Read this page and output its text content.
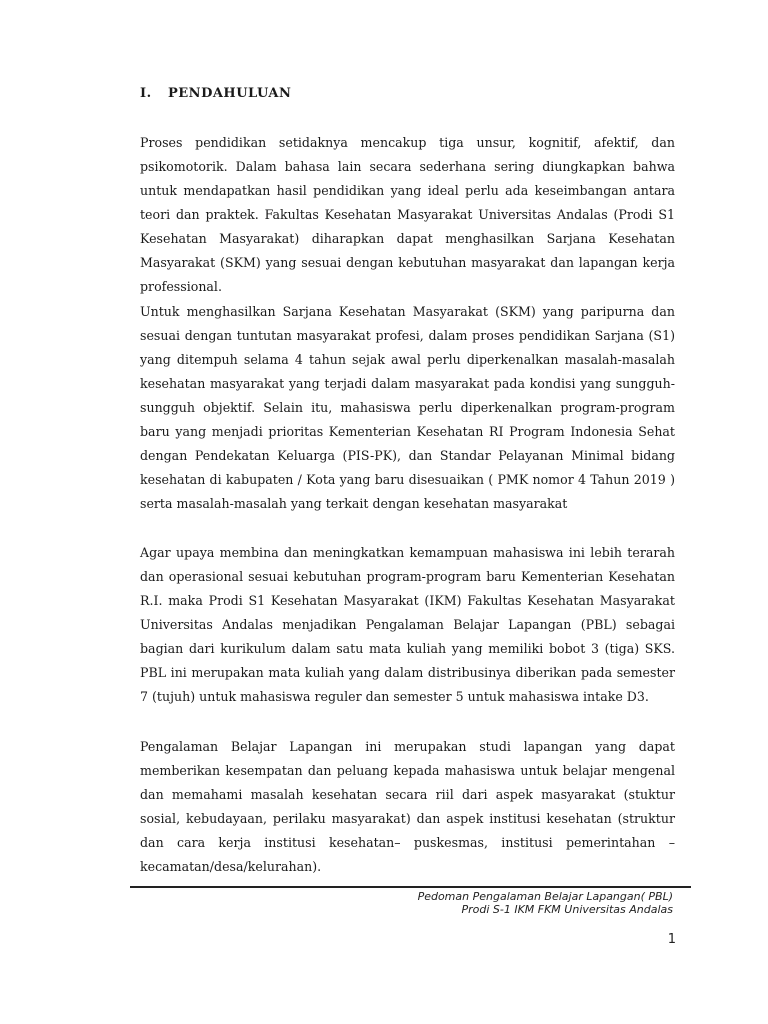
I. PENDAHULUAN
Proses pendidikan setidaknya mencakup tiga unsur, kognitif, afektif, dan psikomotorik. Dalam bahasa lain secara sederhana sering diungkapkan bahwa untuk mendapatkan hasil pendidikan yang ideal perlu ada keseimbangan antara teori dan praktek. Fakultas Kesehatan Masyarakat Universitas Andalas (Prodi S1 Kesehatan Masyarakat) diharapkan dapat menghasilkan Sarjana Kesehatan Masyarakat (SKM) yang sesuai dengan kebutuhan masyarakat dan lapangan kerja professional.
Untuk menghasilkan Sarjana Kesehatan Masyarakat (SKM) yang paripurna dan sesuai dengan tuntutan masyarakat profesi, dalam proses pendidikan Sarjana (S1) yang ditempuh selama 4 tahun sejak awal perlu diperkenalkan masalah-masalah kesehatan masyarakat yang terjadi dalam masyarakat pada kondisi yang sungguh-sungguh objektif. Selain itu, mahasiswa perlu diperkenalkan program-program baru yang menjadi prioritas Kementerian Kesehatan RI Program Indonesia Sehat dengan Pendekatan Keluarga (PIS-PK), dan Standar Pelayanan Minimal bidang kesehatan di kabupaten / Kota yang baru disesuaikan ( PMK nomor 4 Tahun 2019 ) serta masalah-masalah yang terkait dengan kesehatan masyarakat
Agar upaya membina dan meningkatkan kemampuan mahasiswa ini lebih terarah dan operasional sesuai kebutuhan program-program baru Kementerian Kesehatan R.I. maka Prodi S1 Kesehatan Masyarakat (IKM) Fakultas Kesehatan Masyarakat Universitas Andalas menjadikan Pengalaman Belajar Lapangan (PBL) sebagai bagian dari kurikulum dalam satu mata kuliah yang memiliki bobot 3 (tiga) SKS. PBL ini merupakan mata kuliah yang dalam distribusinya diberikan pada semester 7 (tujuh) untuk mahasiswa reguler dan semester 5 untuk mahasiswa intake D3.
Pengalaman Belajar Lapangan ini merupakan studi lapangan yang dapat memberikan kesempatan dan peluang kepada mahasiswa untuk belajar mengenal dan memahami masalah kesehatan secara riil dari aspek masyarakat (stuktur sosial, kebudayaan, perilaku masyarakat) dan aspek institusi kesehatan (struktur dan cara kerja institusi kesehatan– puskesmas, institusi pemerintahan – kecamatan/desa/kelurahan).
Pedoman Pengalaman Belajar Lapangan( PBL)
Prodi S-1 IKM FKM Universitas Andalas
1
